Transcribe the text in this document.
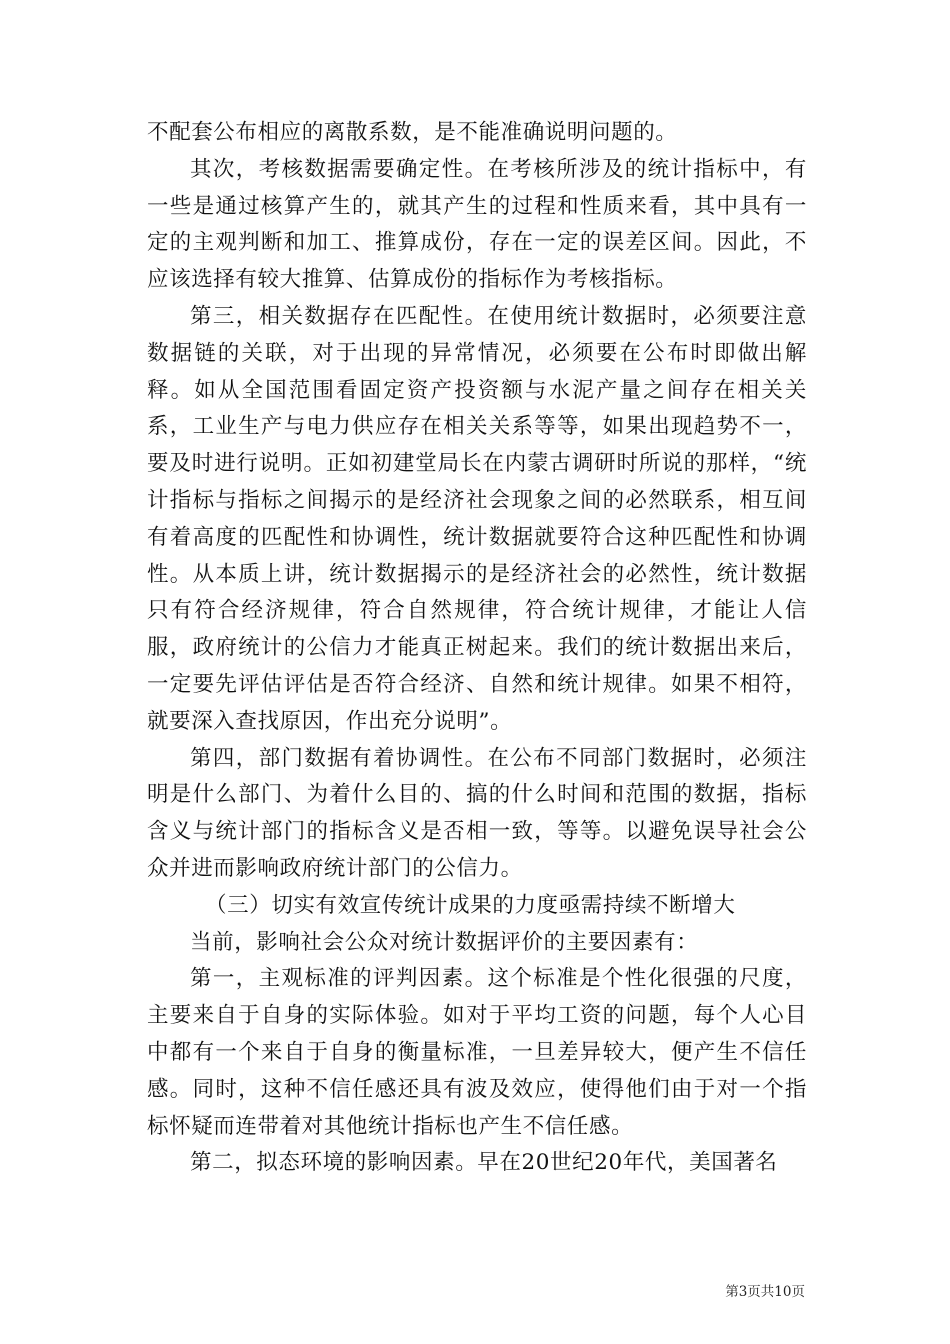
不配套公布相应的离散系数，是不能准确说明问题的。

其次，考核数据需要确定性。在考核所涉及的统计指标中，有一些是通过核算产生的，就其产生的过程和性质来看，其中具有一定的主观判断和加工、推算成份，存在一定的误差区间。因此，不应该选择有较大推算、估算成份的指标作为考核指标。

第三，相关数据存在匹配性。在使用统计数据时，必须要注意数据链的关联，对于出现的异常情况，必须要在公布时即做出解释。如从全国范围看固定资产投资额与水泥产量之间存在相关关系，工业生产与电力供应存在相关关系等等，如果出现趋势不一，要及时进行说明。正如初建堂局长在内蒙古调研时所说的那样，“统计指标与指标之间揭示的是经济社会现象之间的必然联系，相互间有着高度的匹配性和协调性，统计数据就要符合这种匹配性和协调性。从本质上讲，统计数据揭示的是经济社会的必然性，统计数据只有符合经济规律，符合自然规律，符合统计规律，才能让人信服，政府统计的公信力才能真正树起来。我们的统计数据出来后，一定要先评估评估是否符合经济、自然和统计规律。如果不相符，就要深入查找原因，作出充分说明”。

第四，部门数据有着协调性。在公布不同部门数据时，必须注明是什么部门、为着什么目的、搞的什么时间和范围的数据，指标含义与统计部门的指标含义是否相一致，等等。以避免误导社会公众并进而影响政府统计部门的公信力。

（三）切实有效宣传统计成果的力度亟需持续不断增大

当前，影响社会公众对统计数据评价的主要因素有：

第一，主观标准的评判因素。这个标准是个性化很强的尺度，主要来自于自身的实际体验。如对于平均工资的问题，每个人心目中都有一个来自于自身的衡量标准，一旦差异较大，便产生不信任感。同时，这种不信任感还具有波及效应，使得他们由于对一个指标怀疑而连带着对其他统计指标也产生不信任感。

第二，拟态环境的影响因素。早在20世纪20年代，美国著名

第3页共10页
